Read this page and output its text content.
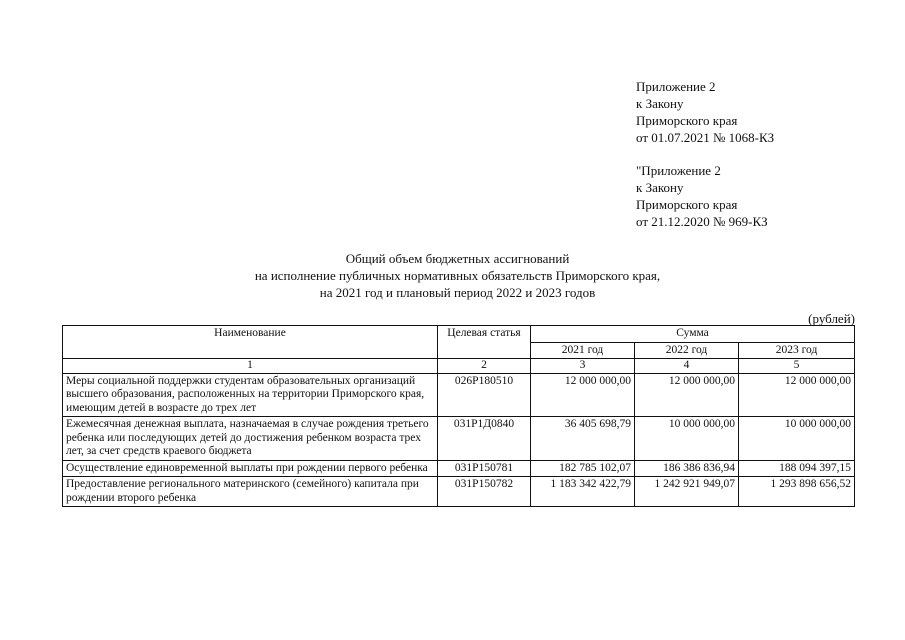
Приложение 2
к Закону
Приморского края
от 01.07.2021 № 1068-КЗ
"Приложение 2
к Закону
Приморского края
от 21.12.2020 № 969-КЗ
Общий объем бюджетных ассигнований
на исполнение публичных нормативных обязательств Приморского края,
на 2021 год и плановый период 2022 и 2023 годов
(рублей)
Наименование	Целевая статья	Сумма		
		2021 год	2022 год	2023 год
1	2	3	4	5
Меры социальной поддержки студентам образовательных организаций высшего образования, расположенных на территории Приморского края, имеющим детей в возрасте до трех лет	026Р180510	12 000 000,00	12 000 000,00	12 000 000,00
Ежемесячная денежная выплата, назначаемая в случае рождения третьего ребенка или последующих детей до достижения ребенком возраста трех лет, за счет средств краевого бюджета	031Р1Д0840	36 405 698,79	10 000 000,00	10 000 000,00
Осуществление единовременной выплаты при рождении первого ребенка	031Р150781	182 785 102,07	186 386 836,94	188 094 397,15
Предоставление регионального материнского (семейного) капитала при рождении второго ребенка	031Р150782	1 183 342 422,79	1 242 921 949,07	1 293 898 656,52
